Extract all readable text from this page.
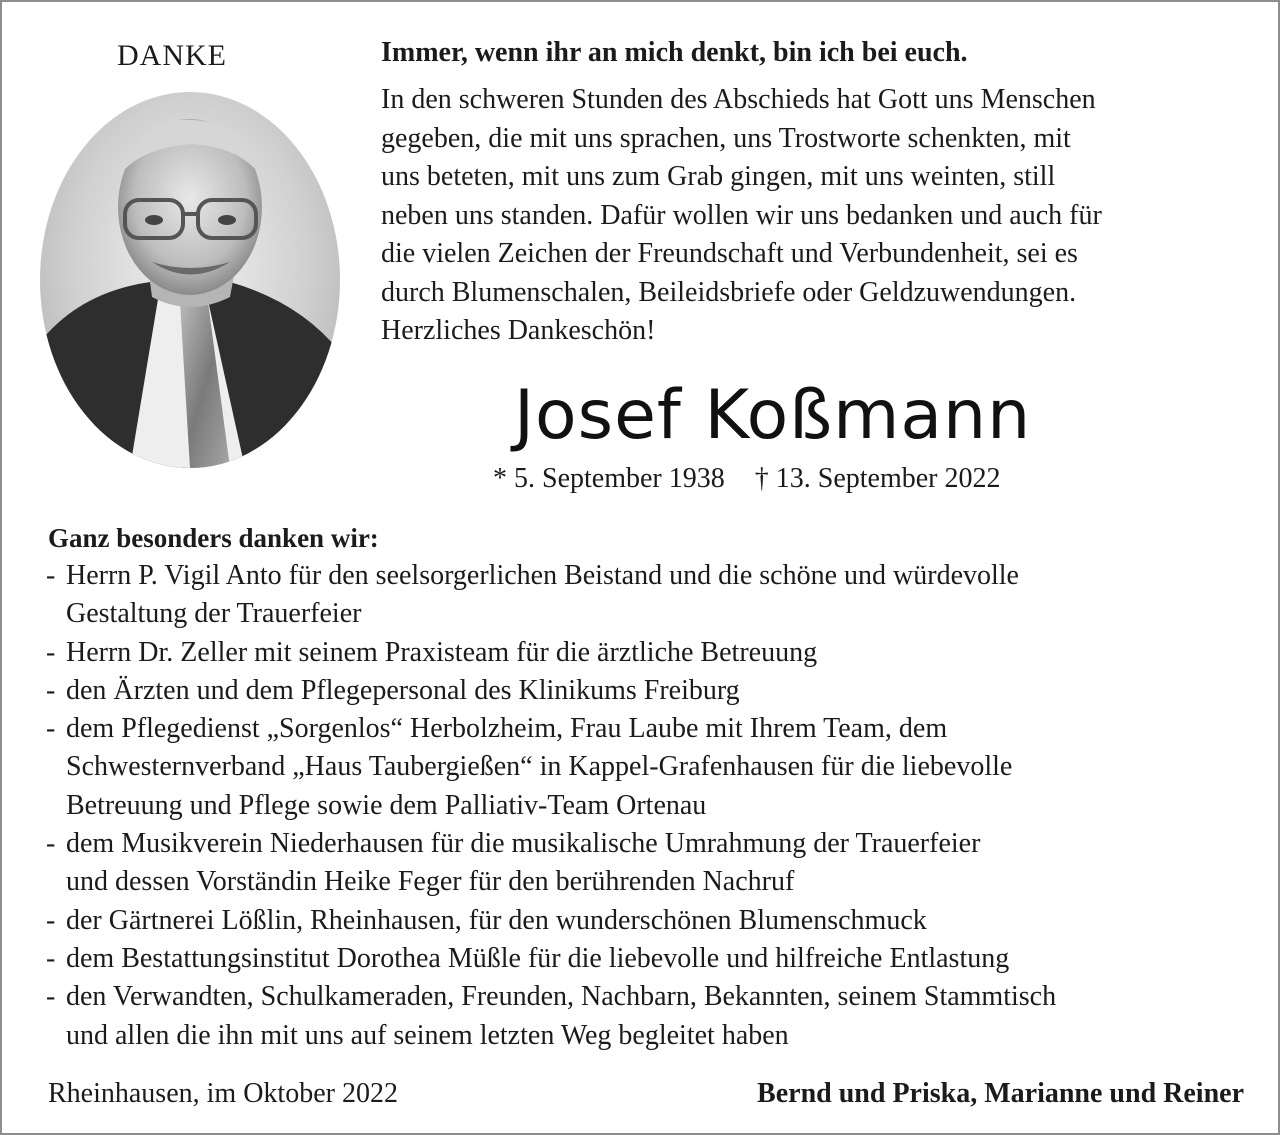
DANKE	Immer, wenn ihr an mich denkt, bin ich bei euch.
In den schweren Stunden des Abschieds hat Gott uns Menschen
gegeben, die mit uns sprachen, uns Trostworte schenkten, mit
uns beteten, mit uns zum Grab gingen, mit uns weinten, still
neben uns standen. Dafür wollen wir uns bedanken und auch für
die vielen Zeichen der Freundschaft und Verbundenheit, sei es
durch Blumenschalen, Beileidsbriefe oder Geldzuwendungen.
Herzliches Dankeschön!
Josef Koßmann
* 5. September 1938 † 13. September 2022
Ganz besonders danken wir:
- Herrn P. Vigil Anto für den seelsorgerlichen Beistand und die schöne und würdevolle
Gestaltung der Trauerfeier
- Herrn Dr. Zeller mit seinem Praxisteam für die ärztliche Betreuung
- den Ärzten und dem Pflegepersonal des Klinikums Freiburg
- dem Pflegedienst „Sorgenlos“ Herbolzheim, Frau Laube mit Ihrem Team, dem
Schwesternverband „Haus Taubergießen“ in Kappel-Grafenhausen für die liebevolle
Betreuung und Pflege sowie dem Palliativ-Team Ortenau
- dem Musikverein Niederhausen für die musikalische Umrahmung der Trauerfeier
und dessen Vorständin Heike Feger für den berührenden Nachruf
- der Gärtnerei Lößlin, Rheinhausen, für den wunderschönen Blumenschmuck
- dem Bestattungsinstitut Dorothea Müßle für die liebevolle und hilfreiche Entlastung
- den Verwandten, Schulkameraden, Freunden, Nachbarn, Bekannten, seinem Stammtisch
und allen die ihn mit uns auf seinem letzten Weg begleitet haben
Rheinhausen, im Oktober 2022	Bernd und Priska, Marianne und Reiner
